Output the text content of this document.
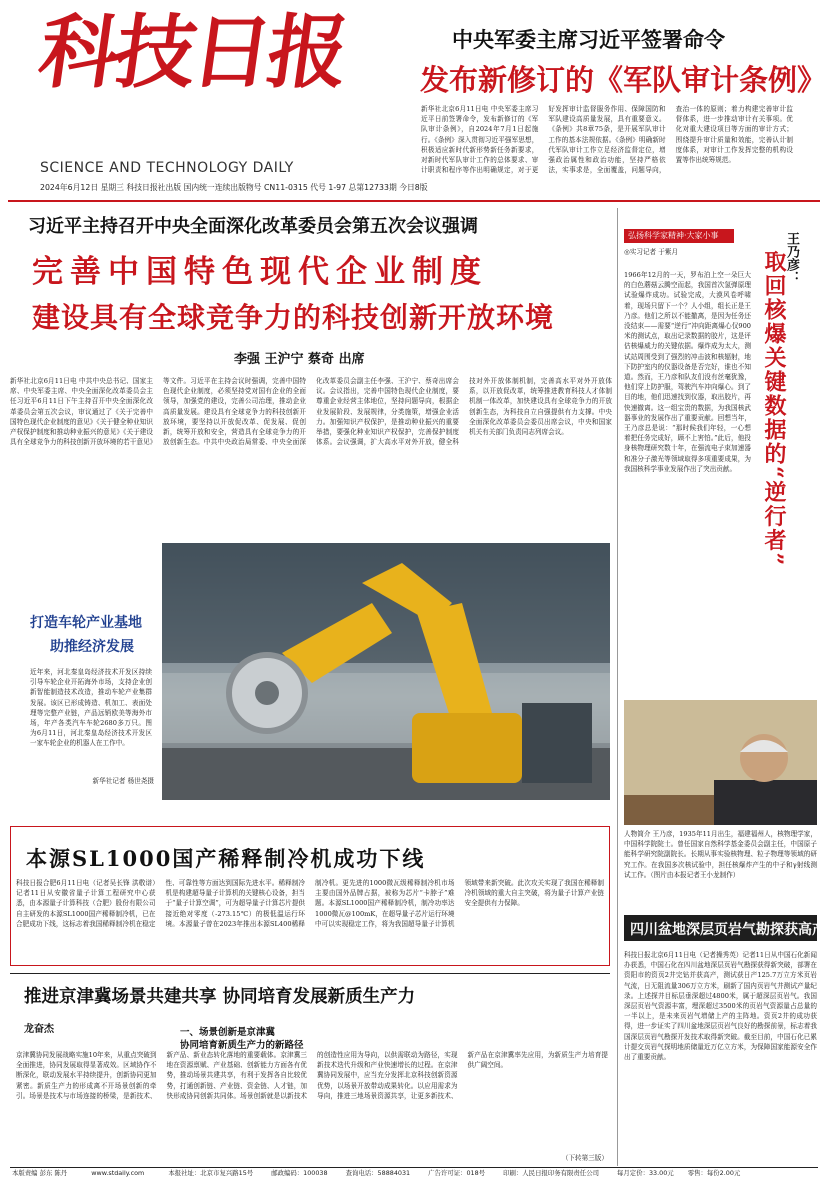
科技日报
SCIENCE AND TECHNOLOGY DAILY
2024年6月12日 星期三 科技日报社出版 国内统一连续出版物号 CN11-0315 代号 1-97 总第12733期 今日8版
中央军委主席习近平签署命令
发布新修订的《军队审计条例》
新华社北京6月11日电 中央军委主席习近平日前签署命令，发布新修订的《军队审计条例》，自2024年7月1日起施行。《条例》深入贯彻习近平强军思想，积极适应新时代新形势新任务新要求，对新时代军队审计工作的总体要求、审计职责和程序等作出明确规定，对于更好发挥审计监督服务作用、保障国防和军队建设高质量发展，具有重要意义。《条例》共8章75条，是开展军队审计工作的基本法规依据。《条例》明确新时代军队审计工作立足经济监督定位，增强政治属性和政治功能，坚持严格依法，实事求是，全面覆盖，问题导向，查治一体的原则；着力构建完善审计监督体系，进一步推动审计有关事项。优化对重大建设项目等方面的审计方式；围绕提升审计质量和效能，完善认计制度体系，对审计工作发挥完整的机构设置等作出统筹规范。
习近平主持召开中央全面深化改革委员会第五次会议强调
完善中国特色现代企业制度
建设具有全球竞争力的科技创新开放环境
李强 王沪宁 蔡奇 出席
新华社北京6月11日电 中共中央总书记、国家主席、中央军委主席、中央全面深化改革委员会主任习近平6月11日下午主持召开中央全面深化改革委员会第五次会议，审议通过了《关于完善中国特色现代企业制度的意见》《关于健全种业知识产权保护制度和推动种业振兴的意见》《关于建设具有全球竞争力的科技创新开放环境的若干意见》等文件。习近平在主持会议时强调，完善中国特色现代企业制度，必须坚持党对国有企业的全面领导，加强党的建设，完善公司治理，推动企业高质量发展。建设具有全球竞争力的科技创新开放环境，要坚持以开放促改革、促发展、促创新，统筹开放和安全，营造具有全球竞争力的开放创新生态。中共中央政治局常委、中央全面深化改革委员会副主任李强、王沪宁、蔡奇出席会议。会议指出，完善中国特色现代企业制度，要尊重企业经营主体地位，坚持问题导向，根据企业发展阶段、发展规律，分类施策，增强企业活力。加强知识产权保护，是推动种业振兴的重要举措，要强化种业知识产权保护，完善保护制度体系。会议强调，扩大高水平对外开放，健全科技对外开放体制机制，完善高水平对外开放体系，以开放促改革，统筹推进教育科技人才体制机制一体改革，加快建设具有全球竞争力的开放创新生态，为科技自立自强提供有力支撑。中央全面深化改革委员会委员出席会议，中央和国家机关有关部门负责同志列席会议。
打造车轮产业基地
助推经济发展
近年来，河北秦皇岛经济技术开发区持续引导车轮企业开拓海外市场，支持企业创新智能制造技术改造，推动车轮产业集群发展。该区已形成铸造、机加工、表面处理等完整产业链，产品远销欧美等海外市场，年产各类汽车车轮2680多万只。图为6月11日，河北秦皇岛经济技术开发区一家车轮企业的机器人在工作中。
新华社记者 杨世尧摄
本源SL1000国产稀释制冷机成功下线
科技日报合肥6月11日电（记者吴长锋 洪敬谱）记者11日从安徽省量子计算工程研究中心获悉，由本源量子计算科技（合肥）股份有限公司自主研发的本源SL1000国产稀释制冷机，已在合肥成功下线，这标志着我国稀释制冷机在稳定性、可靠性等方面达到国际先进水平。稀释制冷机是构建超导量子计算机的关键核心设备，担当于“量子计算空调”，可为超导量子计算芯片提供接近绝对零度（-273.15℃）的极低温运行环境。本源量子曾在2023年推出本源SL400稀释制冷机。更先进的1000微瓦级稀释制冷机市场主要由国外品牌占据，被称为芯片“卡脖子”难题。本源SL1000国产稀释制冷机，制冷功率达1000微瓦@100mK，在超导量子芯片运行环境中可以实现稳定工作，将为我国超导量子计算机领域带来新突破。此次攻关实现了我国在稀释制冷机领域的重大自主突破，将为量子计算产业链安全提供有力保障。
推进京津冀场景共建共享 协同培育发展新质生产力
龙奋杰	一、场景创新是京津冀
协同培育新质生产力的新路径
京津冀协同发展战略实施10年来，从重点突破到全面推进，协同发展取得显著成效。区域协作不断深化，联动发展水平持续提升，创新协同更加紧密。新质生产力的形成离不开场景创新的牵引。场景是技术与市场连接的桥梁，是新技术、新产品、新业态转化落地的重要载体。京津冀三地在资源禀赋、产业基础、创新能力方面各有优势，推动场景共建共享，有利于发挥各自比较优势，打通创新链、产业链、资金链、人才链，加快形成协同创新共同体。场景创新就是以新技术的创造性应用为导向，以供需联动为路径，实现新技术迭代升级和产业快速增长的过程。在京津冀协同发展中，应当充分发挥北京科技创新资源优势，以场景开放带动成果转化。以应用需求为导向，推进三地场景资源共享，让更多新技术、新产品在京津冀率先应用，为新质生产力培育提供广阔空间。
（下转第三版）
弘扬科学家精神·大家小事
◎实习记者 于紫月	王乃彦：
取回核爆关键数据的“逆行者”
1966年12月的一天，罗布泊上空一朵巨大的白色蘑菇云腾空而起，我国首次氢弹原理试验爆炸成功。试验完成，大漠风卷呼啸着，现场只留下一个？人小组，组长正是王乃彦。他们之所以不能撤离，是因为任务还没结束——需要“逆行”冲向距离爆心仅900米的测试点，取出记录数据的胶片，这是评估核爆威力的关键依据。爆炸成为太大，测试站周围受到了强烈的冲击波和核辐射，地下防护室内的仪器设备是否完好，谁也不知道。然而，王乃彦和队友们没有丝毫犹豫，他们穿上防护服，驾驶汽车冲向爆心。到了目的地，他们迅速找到仪器，取出胶片，再快速撤离。这一组宝贵的数据，为我国核武器事业的发展作出了重要贡献。回想当年，王乃彦总是说：“那时候我们年轻，一心想着把任务完成好，顾不上害怕。”此后，他投身核物理研究数十年，在强流电子束加速器和准分子激光等领域取得多项重要成果，为我国核科学事业发展作出了突出贡献。
人物简介 王乃彦，1935年11月出生，福建福州人，核物理学家，中国科学院院士。曾任国家自然科学基金委员会副主任，中国原子能科学研究院副院长。长期从事实验核物理、粒子物理等领域的研究工作。在我国多次核试验中，担任核爆炸产生的中子和γ射线测试工作。（图片由本报记者王小龙制作）
四川盆地深层页岩气勘探获高产
科技日报北京6月11日电（记者操秀英）记者11日从中国石化新闻办获悉，中国石化在四川盆地深层页岩气勘探获得新突破，部署在资阳市的资页2井完钻并获高产，测试获日产125.7万立方米页岩气流，日无阻流量306万立方米，刷新了国内页岩气井测试产量纪录。上述探井目标层垂深超过4800米，属于超深层页岩气。我国深层页岩气资源丰富，埋深超过3500米的页岩气资源量占总量的一半以上，是未来页岩气增储上产的主阵地。资页2井的成功获得，进一步证实了四川盆地深层页岩气良好的勘探前景，标志着我国深层页岩气勘探开发技术取得新突破。截至目前，中国石化已累计提交页岩气探明地质储量近万亿立方米，为保障国家能源安全作出了重要贡献。
本版责编 彭东 陈丹	www.stdaily.com	本报社址：北京市复兴路15号	邮政编码：100038	查询电话：58884031	广告许可证：018号	印刷：人民日报印务有限责任公司	每月定价：33.00元 零售：每份2.00元
